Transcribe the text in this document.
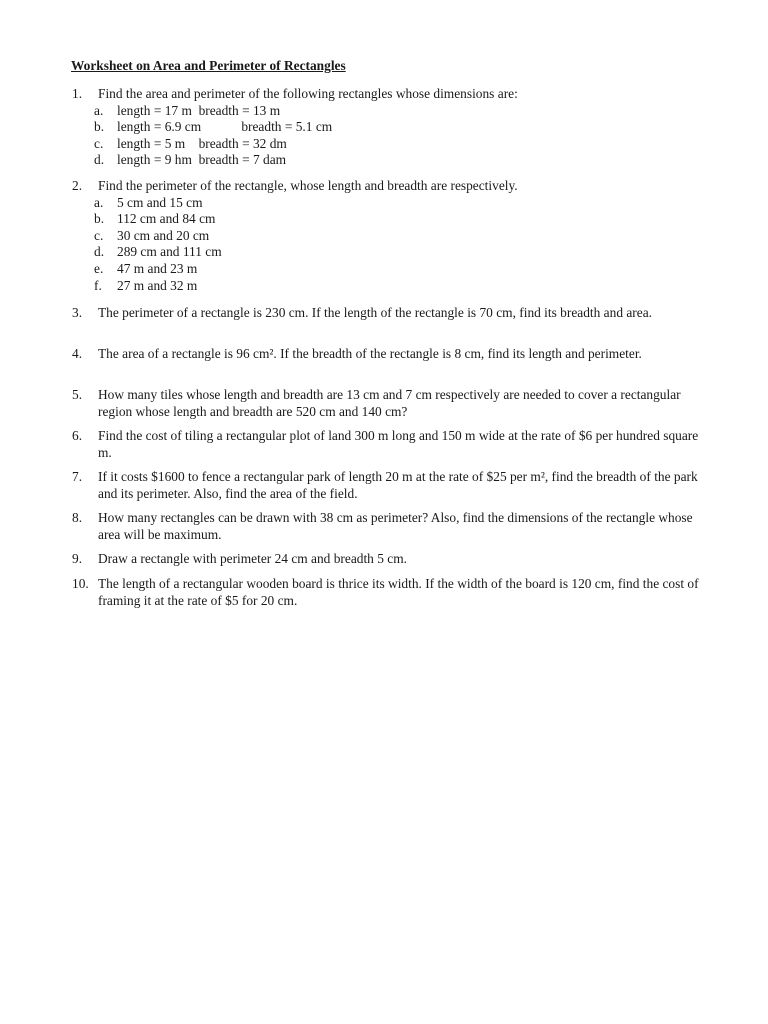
Worksheet on Area and Perimeter of Rectangles
1. Find the area and perimeter of the following rectangles whose dimensions are:
a. length = 17 m  breadth = 13 m
b. length = 6.9 cm            breadth = 5.1 cm
c. length = 5 m    breadth = 32 dm
d. length = 9 hm  breadth = 7 dam
2. Find the perimeter of the rectangle, whose length and breadth are respectively.
a. 5 cm and 15 cm
b. 112 cm and 84 cm
c. 30 cm and 20 cm
d. 289 cm and 111 cm
e. 47 m and 23 m
f. 27 m and 32 m
3. The perimeter of a rectangle is 230 cm. If the length of the rectangle is 70 cm, find its breadth and area.
4. The area of a rectangle is 96 cm². If the breadth of the rectangle is 8 cm, find its length and perimeter.
5. How many tiles whose length and breadth are 13 cm and 7 cm respectively are needed to cover a rectangular region whose length and breadth are 520 cm and 140 cm?
6. Find the cost of tiling a rectangular plot of land 300 m long and 150 m wide at the rate of $6 per hundred square m.
7. If it costs $1600 to fence a rectangular park of length 20 m at the rate of $25 per m², find the breadth of the park and its perimeter. Also, find the area of the field.
8. How many rectangles can be drawn with 38 cm as perimeter? Also, find the dimensions of the rectangle whose area will be maximum.
9. Draw a rectangle with perimeter 24 cm and breadth 5 cm.
10. The length of a rectangular wooden board is thrice its width. If the width of the board is 120 cm, find the cost of framing it at the rate of $5 for 20 cm.
